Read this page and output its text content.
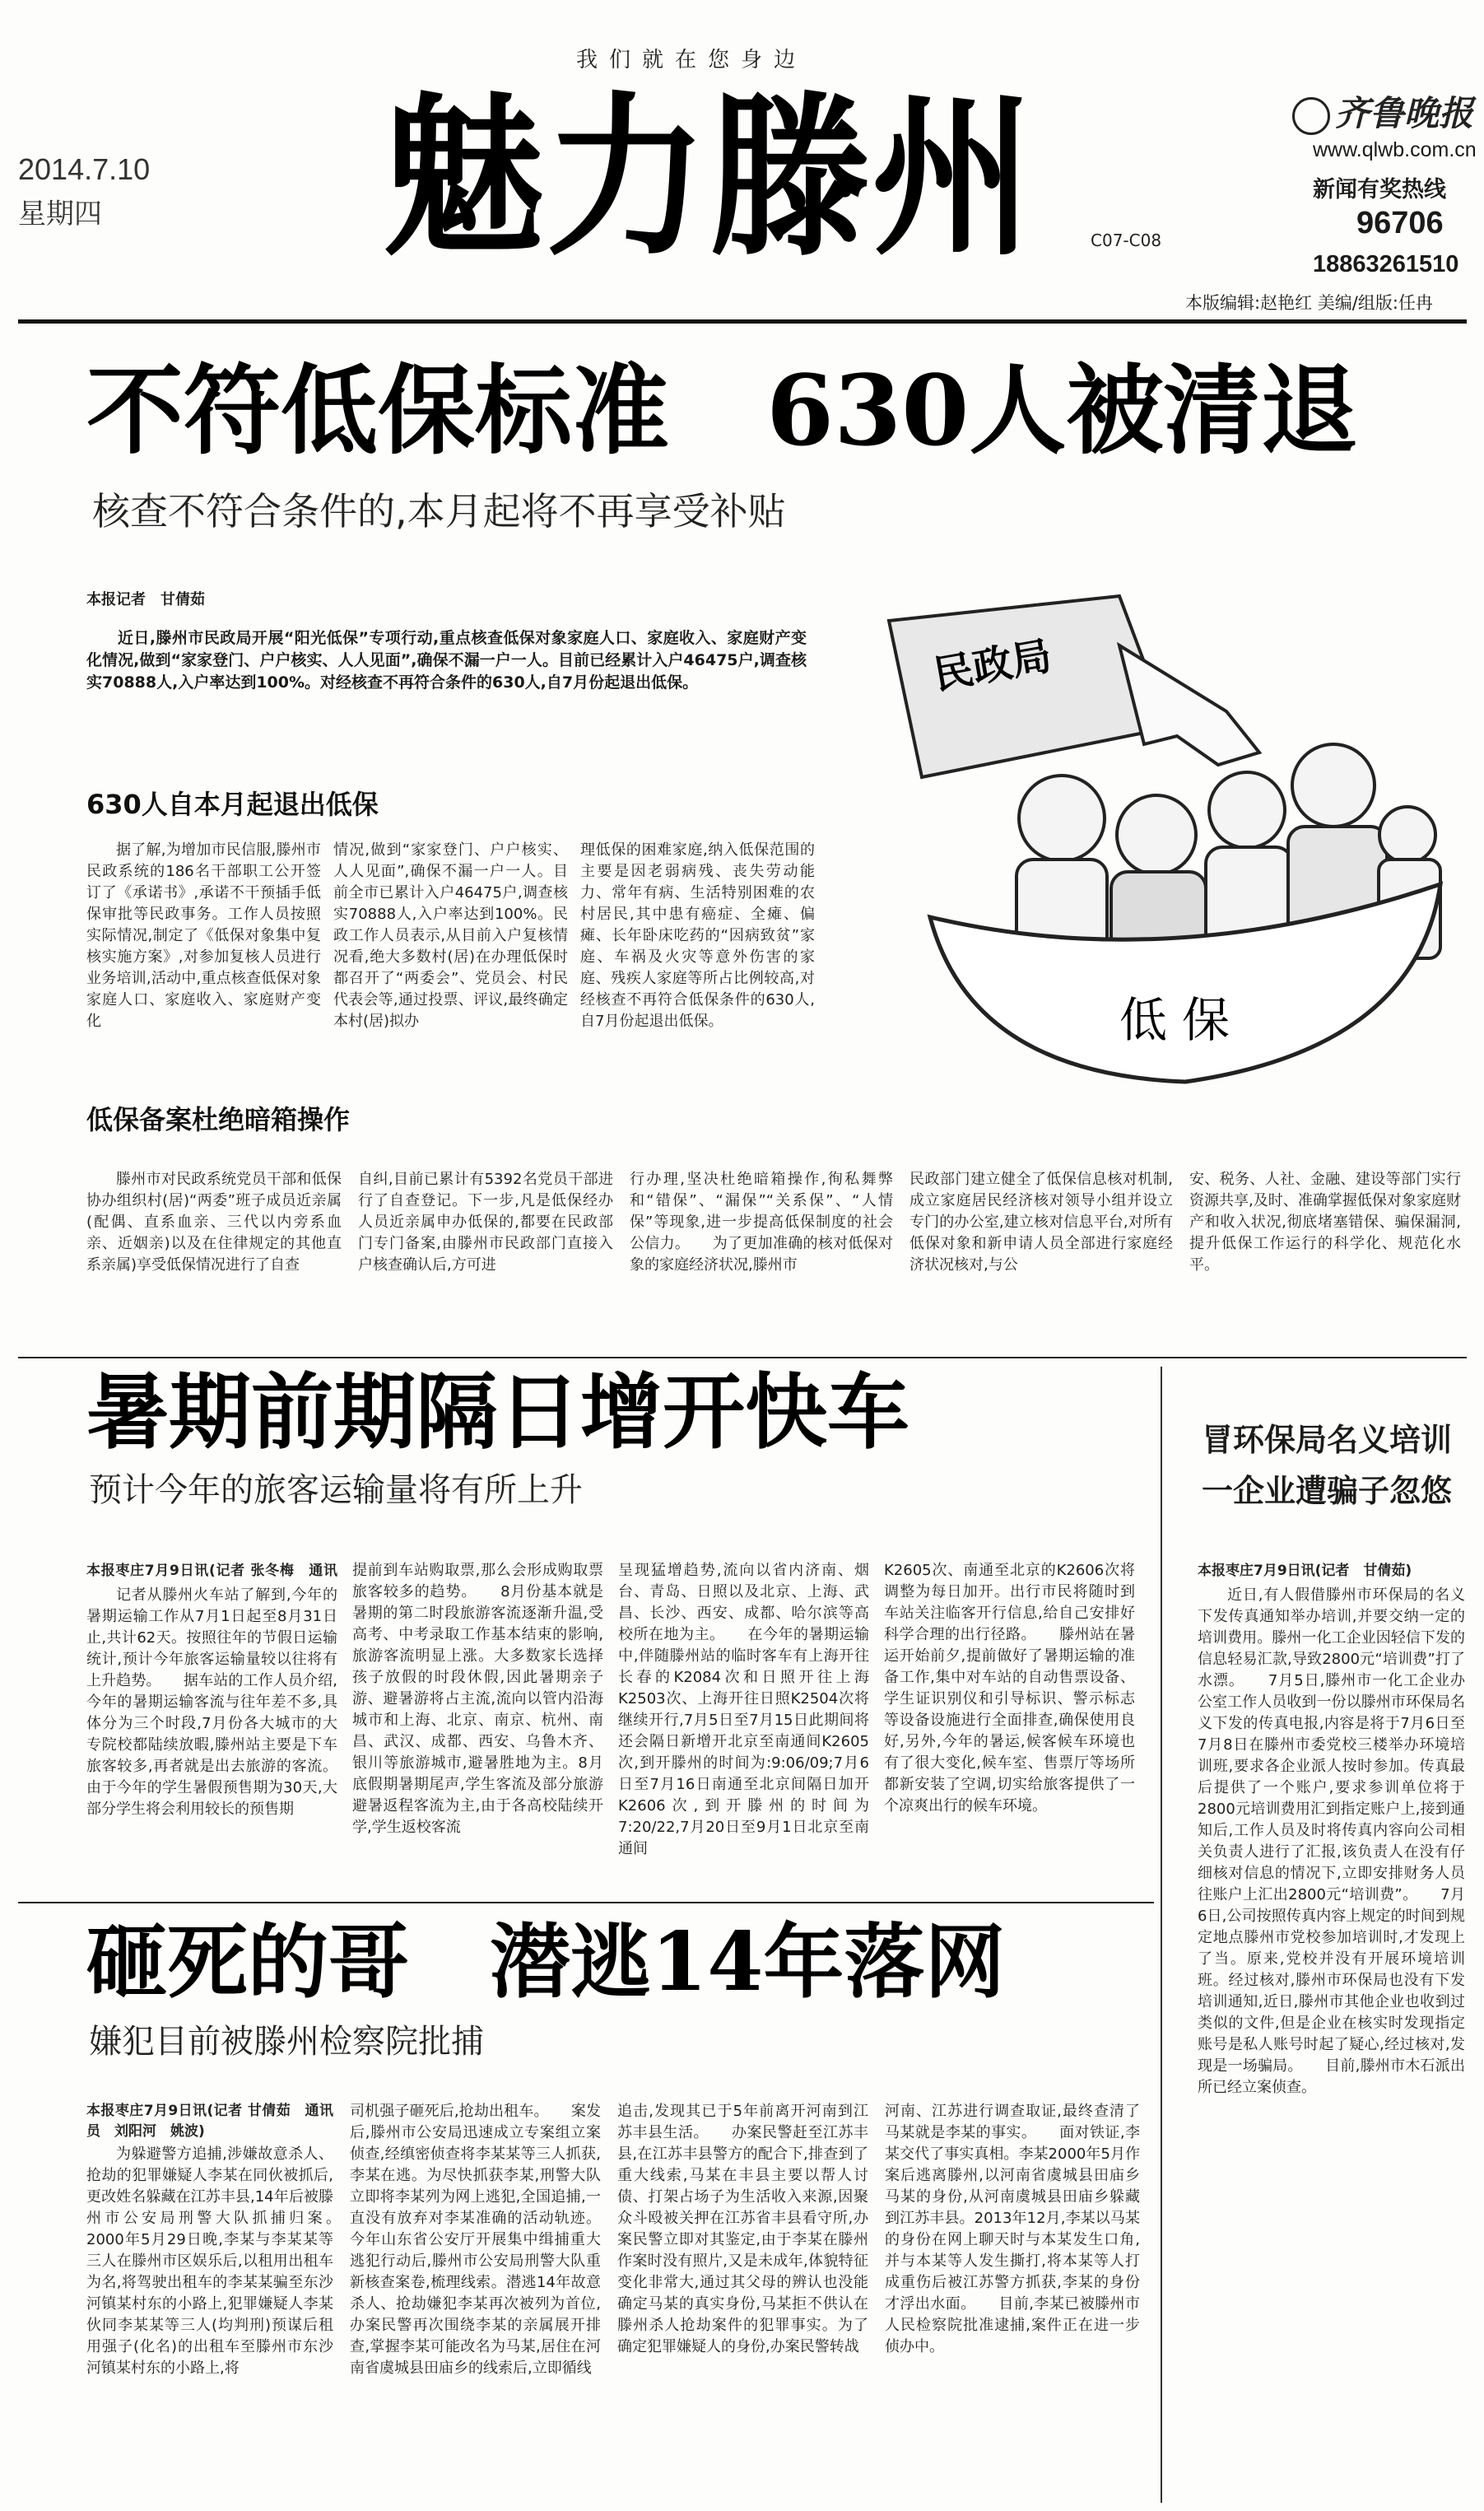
我们就在您身边
2014.7.10
星期四 魅力滕州	C07-C08
齐鲁晚报
www.qlwb.com.cn
新闻有奖热线
96706
18863261510
本版编辑:赵艳红 美编/组版:任冉
不符低保标准　630人被清退
核查不符合条件的,本月起将不再享受补贴
本报记者　甘倩茹
近日,滕州市民政局开展“阳光低保”专项行动,重点核查低保对象家庭人口、家庭收入、家庭财产变化情况,做到“家家登门、户户核实、人人见面”,确保不漏一户一人。目前已经累计入户46475户,调查核实70888人,入户率达到100%。对经核查不再符合条件的630人,自7月份起退出低保。
630人自本月起退出低保
据了解,为增加市民信服,滕州市民政系统的186名干部职工公开签订了《承诺书》,承诺不干预插手低保审批等民政事务。工作人员按照实际情况,制定了《低保对象集中复核实施方案》,对参加复核人员进行业务培训,活动中,重点核查低保对象家庭人口、家庭收入、家庭财产变化
情况,做到“家家登门、户户核实、人人见面”,确保不漏一户一人。目前全市已累计入户46475户,调查核实70888人,入户率达到100%。民政工作人员表示,从目前入户复核情况看,绝大多数村(居)在办理低保时都召开了“两委会”、党员会、村民代表会等,通过投票、评议,最终确定本村(居)拟办
理低保的困难家庭,纳入低保范围的主要是因老弱病残、丧失劳动能力、常年有病、生活特别困难的农村居民,其中患有癌症、全瘫、偏瘫、长年卧床吃药的“因病致贫”家庭、车祸及火灾等意外伤害的家庭、残疾人家庭等所占比例较高,对经核查不再符合低保条件的630人,自7月份起退出低保。
民政局
低保
低保备案杜绝暗箱操作
滕州市对民政系统党员干部和低保协办组织村(居)“两委”班子成员近亲属(配偶、直系血亲、三代以内旁系血亲、近姻亲)以及在住律规定的其他直系亲属)享受低保情况进行了自查
自纠,目前已累计有5392名党员干部进行了自查登记。下一步,凡是低保经办人员近亲属申办低保的,都要在民政部门专门备案,由滕州市民政部门直接入户核查确认后,方可进
行办理,坚决杜绝暗箱操作,徇私舞弊和“错保”、“漏保”“关系保”、“人情保”等现象,进一步提高低保制度的社会公信力。　　为了更加准确的核对低保对象的家庭经济状况,滕州市
民政部门建立健全了低保信息核对机制,成立家庭居民经济核对领导小组并设立专门的办公室,建立核对信息平台,对所有低保对象和新申请人员全部进行家庭经济状况核对,与公
安、税务、人社、金融、建设等部门实行资源共享,及时、准确掌握低保对象家庭财产和收入状况,彻底堵塞错保、骗保漏洞,提升低保工作运行的科学化、规范化水平。
暑期前期隔日增开快车
预计今年的旅客运输量将有所上升
本报枣庄7月9日讯(记者 张冬梅　通讯　
记者从滕州火车站了解到,今年的暑期运输工作从7月1日起至8月31日止,共计62天。按照往年的节假日运输统计,预计今年旅客运输量较以往将有上升趋势。　　据车站的工作人员介绍,今年的暑期运输客流与往年差不多,具体分为三个时段,7月份各大城市的大专院校都陆续放暇,滕州站主要是下车旅客较多,再者就是出去旅游的客流。由于今年的学生暑假预售期为30天,大部分学生将会利用较长的预售期
提前到车站购取票,那么会形成购取票旅客较多的趋势。　　8月份基本就是暑期的第二时段旅游客流逐渐升温,受高考、中考录取工作基本结束的影响,旅游客流明显上涨。大多数家长选择孩子放假的时段休假,因此暑期亲子游、避暑游将占主流,流向以管内沿海城市和上海、北京、南京、杭州、南昌、武汉、成都、西安、乌鲁木齐、银川等旅游城市,避暑胜地为主。8月底假期暑期尾声,学生客流及部分旅游避暑返程客流为主,由于各高校陆续开学,学生返校客流
呈现猛增趋势,流向以省内济南、烟台、青岛、日照以及北京、上海、武昌、长沙、西安、成都、哈尔滨等高校所在地为主。　　在今年的暑期运输中,伴随滕州站的临时客车有上海开往长春的K2084次和日照开往上海K2503次、上海开往日照K2504次将继续开行,7月5日至7月15日此期间将还会隔日新增开北京至南通间K2605次,到开滕州的时间为:9:06/09;7月6日至7月16日南通至北京间隔日加开K2606次,到开滕州的时间为7:20/22,7月20日至9月1日北京至南通间
K2605次、南通至北京的K2606次将调整为每日加开。出行市民将随时到车站关注临客开行信息,给自己安排好科学合理的出行径路。　　滕州站在暑运开始前夕,提前做好了暑期运输的准备工作,集中对车站的自动售票设备、学生证识别仪和引导标识、警示标志等设备设施进行全面排查,确保使用良好,另外,今年的暑运,候客候车环境也有了很大变化,候车室、售票厅等场所都新安装了空调,切实给旅客提供了一个凉爽出行的候车环境。
冒环保局名义培训
一企业遭骗子忽悠
本报枣庄7月9日讯(记者　甘倩茹)
近日,有人假借滕州市环保局的名义下发传真通知举办培训,并要交纳一定的培训费用。滕州一化工企业因轻信下发的信息轻易汇款,导致2800元“培训费”打了水漂。　　7月5日,滕州市一化工企业办公室工作人员收到一份以滕州市环保局名义下发的传真电报,内容是将于7月6日至7月8日在滕州市委党校三楼举办环境培训班,要求各企业派人按时参加。传真最后提供了一个账户,要求参训单位将于2800元培训费用汇到指定账户上,接到通知后,工作人员及时将传真内容向公司相关负责人进行了汇报,该负责人在没有仔细核对信息的情况下,立即安排财务人员往账户上汇出2800元“培训费”。　　7月6日,公司按照传真内容上规定的时间到规定地点滕州市党校参加培训时,才发现上了当。原来,党校并没有开展环境培训班。经过核对,滕州市环保局也没有下发培训通知,近日,滕州市其他企业也收到过类似的文件,但是企业在核实时发现指定账号是私人账号时起了疑心,经过核对,发现是一场骗局。　　目前,滕州市木石派出所已经立案侦查。
砸死的哥　潜逃14年落网
嫌犯目前被滕州检察院批捕
本报枣庄7月9日讯(记者 甘倩茹　通讯员　刘阳河　姚波)
为躲避警方追捕,涉嫌故意杀人、抢劫的犯罪嫌疑人李某在同伙被抓后,更改姓名躲藏在江苏丰县,14年后被滕州市公安局刑警大队抓捕归案。　　2000年5月29日晚,李某与李某某等三人在滕州市区娱乐后,以租用出租车为名,将驾驶出租车的李某某骗至东沙河镇某村东的小路上,犯罪嫌疑人李某伙同李某某等三人(均判刑)预谋后租用强子(化名)的出租车至滕州市东沙河镇某村东的小路上,将
司机强子砸死后,抢劫出租车。　　案发后,滕州市公安局迅速成立专案组立案侦查,经缜密侦查将李某某等三人抓获,李某在逃。为尽快抓获李某,刑警大队立即将李某列为网上逃犯,全国追捕,一直没有放弃对李某准确的活动轨迹。今年山东省公安厅开展集中缉捕重大逃犯行动后,滕州市公安局刑警大队重新核查案卷,梳理线索。潜逃14年故意杀人、抢劫嫌犯李某再次被列为首位,办案民警再次围绕李某的亲属展开排查,掌握李某可能改名为马某,居住在河南省虞城县田庙乡的线索后,立即循线
追击,发现其已于5年前离开河南到江苏丰县生活。　　办案民警赶至江苏丰县,在江苏丰县警方的配合下,排查到了重大线索,马某在丰县主要以帮人讨债、打架占场子为生活收入来源,因聚众斗殴被关押在江苏省丰县看守所,办案民警立即对其鉴定,由于李某在滕州作案时没有照片,又是未成年,体貌特征变化非常大,通过其父母的辨认也没能确定马某的真实身份,马某拒不供认在滕州杀人抢劫案件的犯罪事实。为了确定犯罪嫌疑人的身份,办案民警转战
河南、江苏进行调查取证,最终查清了马某就是李某的事实。　　面对铁证,李某交代了事实真相。李某2000年5月作案后逃离滕州,以河南省虞城县田庙乡马某的身份,从河南虞城县田庙乡躲藏到江苏丰县。2013年12月,李某以马某的身份在网上聊天时与本某发生口角,并与本某等人发生撕打,将本某等人打成重伤后被江苏警方抓获,李某的身份才浮出水面。　　目前,李某已被滕州市人民检察院批准逮捕,案件正在进一步侦办中。
